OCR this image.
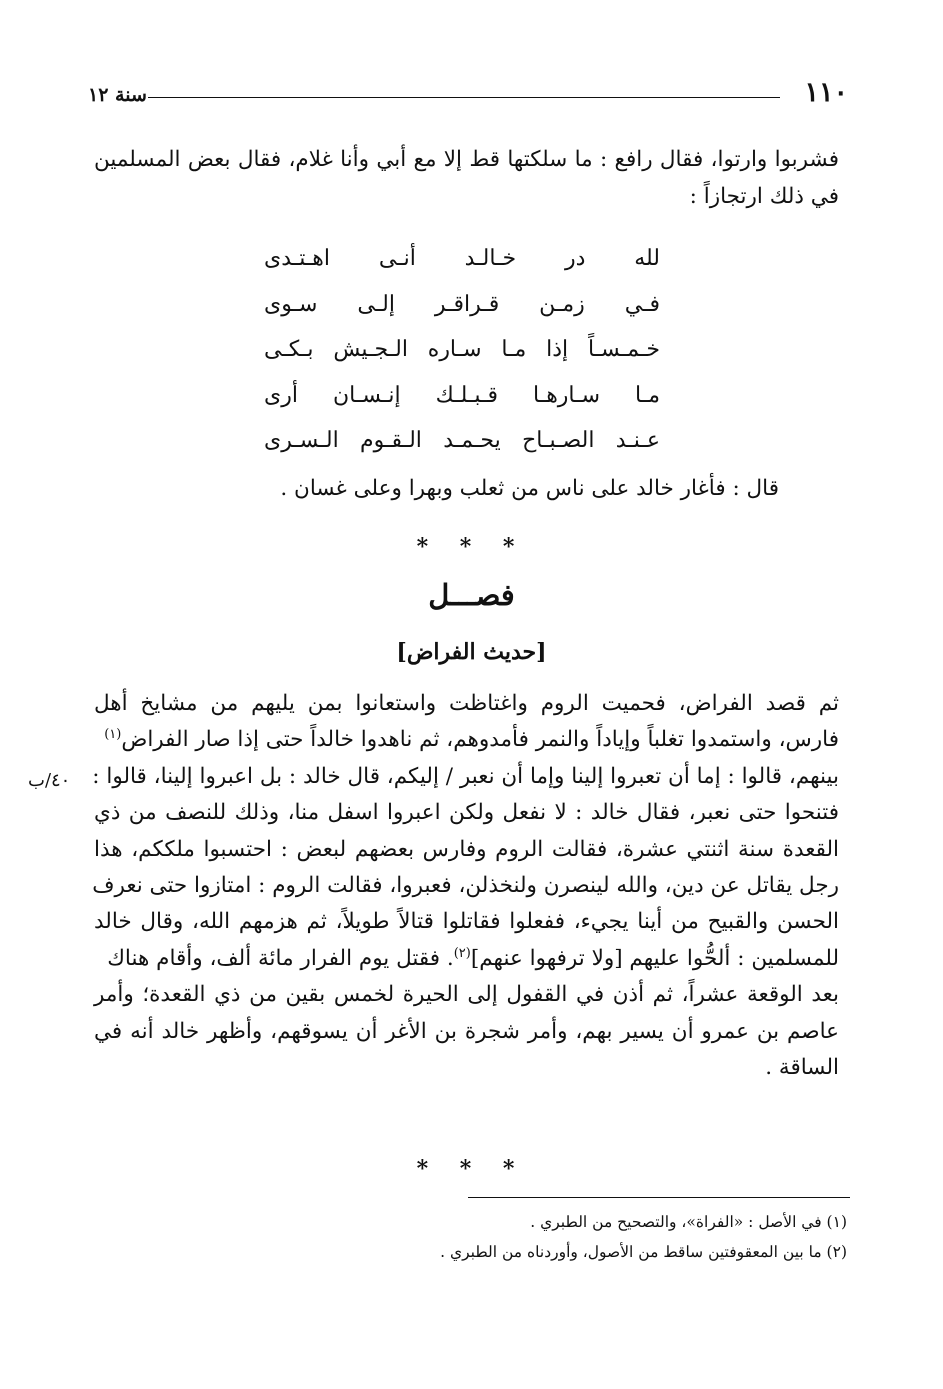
١١٠
سنة ١٢
فشربوا وارتوا، فقال رافع : ما سلكتها قط إلا مع أبي وأنا غلام، فقال بعض المسلمين
في ذلك ارتجازاً :
لله در خـالـد أنـى اهـتـدى
فـي زمـن قـراقـر إلـى سـوى
خـمـسـاً إذا مـا سـاره الـجـيش بـكـى
مـا سـارهـا قـبـلـك إنـسـان أرى
عـنـد الصـبـاح يحـمـد الـقـوم الـسـرى
قال : فأغار خالد على ناس من ثعلب وبهرا وعلى غسان .
* * *
فصـــل
[حديث الفراض]
ثم قصد الفراض، فحميت الروم واغتاظت واستعانوا بمن يليهم من مشايخ أهل
فارس، واستمدوا تغلباً وإياداً والنمر فأمدوهم، ثم ناهدوا خالداً حتى إذا صار الفراض$^{(١)}$
بينهم، قالوا : إما أن تعبروا إلينا وإما أن نعبر / إليكم، قال خالد : بل اعبروا إلينا، قالوا :
فتنحوا حتى نعبر، فقال خالد : لا نفعل ولكن اعبروا اسفل منا، وذلك للنصف من ذي
القعدة سنة اثنتي عشرة، فقالت الروم وفارس بعضهم لبعض : احتسبوا ملككم، هذا
رجل يقاتل عن دين، والله لينصرن ولنخذلن، فعبروا، فقالت الروم : امتازوا حتى نعرف
الحسن والقبيح من أينا يجيء، ففعلوا فقاتلوا قتالاً طويلاً، ثم هزمهم الله، وقال خالد
للمسلمين : ألحُّوا عليهم [ولا ترفهوا عنهم]$^{(٢)}$. فقتل يوم الفرار مائة ألف، وأقام هناك
بعد الوقعة عشراً، ثم أذن في القفول إلى الحيرة لخمس بقين من ذي القعدة؛ وأمر
عاصم بن عمرو أن يسير بهم، وأمر شجرة بن الأغر أن يسوقهم، وأظهر خالد أنه في
الساقة .
٤٠/ب
* * *
(١) في الأصل : «الفراة»، والتصحيح من الطبري .
(٢) ما بين المعقوفتين ساقط من الأصول، وأوردناه من الطبري .
